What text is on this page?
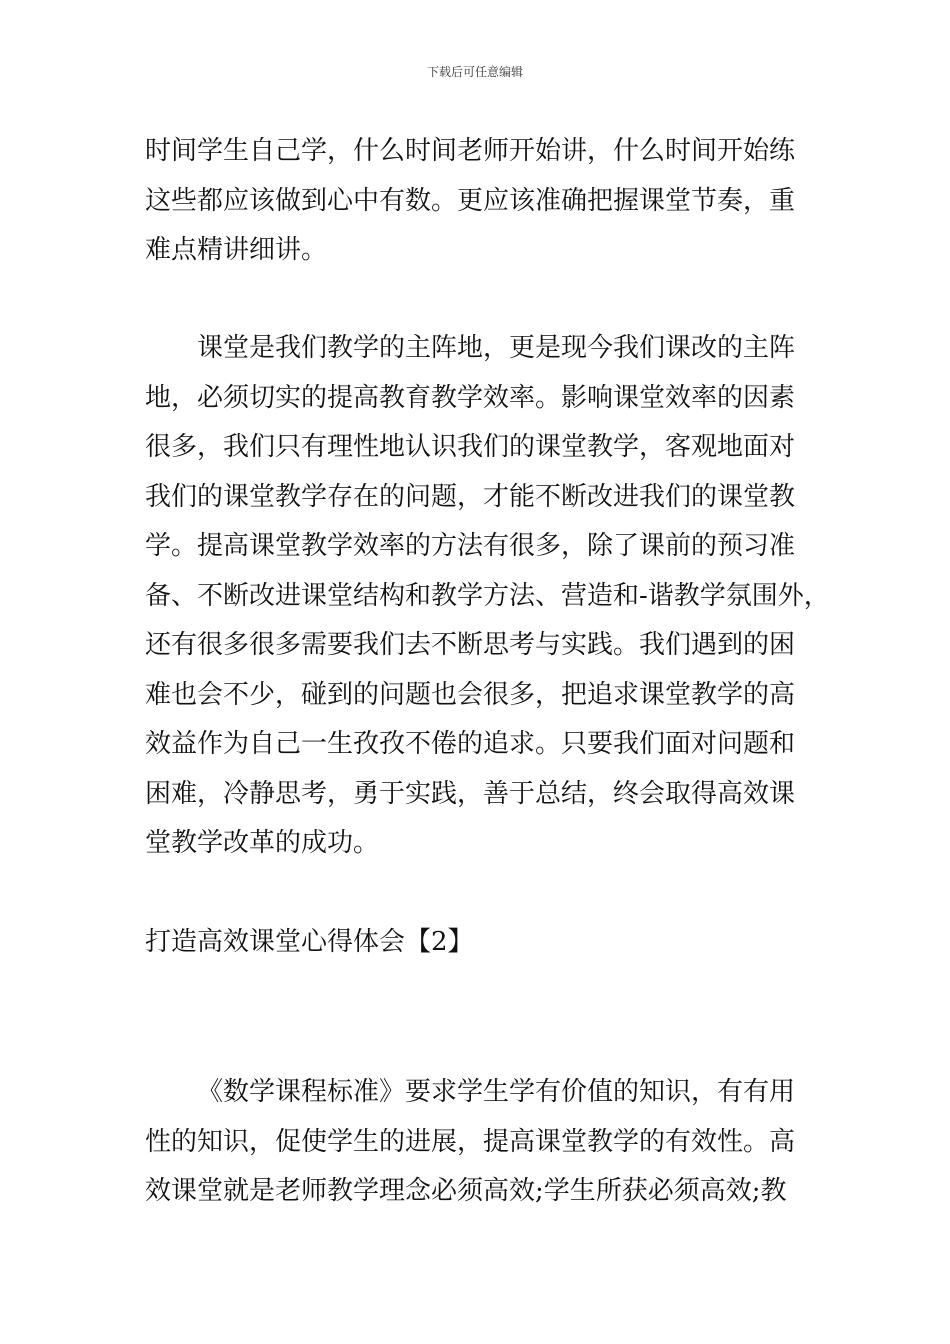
下载后可任意编辑
时间学生自己学，什么时间老师开始讲，什么时间开始练
这些都应该做到心中有数。更应该准确把握课堂节奏，重
难点精讲细讲。
课堂是我们教学的主阵地，更是现今我们课改的主阵
地，必须切实的提高教育教学效率。影响课堂效率的因素
很多，我们只有理性地认识我们的课堂教学，客观地面对
我们的课堂教学存在的问题，才能不断改进我们的课堂教
学。提高课堂教学效率的方法有很多，除了课前的预习准
备、不断改进课堂结构和教学方法、营造和-谐教学氛围外，
还有很多很多需要我们去不断思考与实践。我们遇到的困
难也会不少，碰到的问题也会很多，把追求课堂教学的高
效益作为自己一生孜孜不倦的追求。只要我们面对问题和
困难，冷静思考，勇于实践，善于总结，终会取得高效课
堂教学改革的成功。
打造高效课堂心得体会【2】
《数学课程标准》要求学生学有价值的知识，有有用
性的知识，促使学生的进展，提高课堂教学的有效性。高
效课堂就是老师教学理念必须高效;学生所获必须高效;教
